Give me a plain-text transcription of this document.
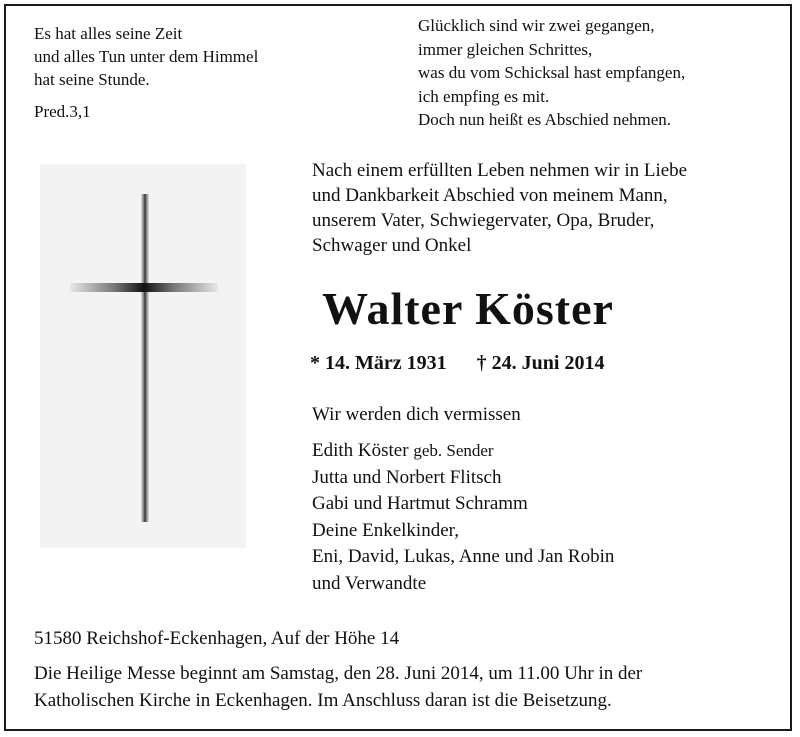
Es hat alles seine Zeit
und alles Tun unter dem Himmel
hat seine Stunde.
Pred.3,1
Glücklich sind wir zwei gegangen,
immer gleichen Schrittes,
was du vom Schicksal hast empfangen,
ich empfing es mit.
Doch nun heißt es Abschied nehmen.
Nach einem erfüllten Leben nehmen wir in Liebe
und Dankbarkeit Abschied von meinem Mann,
unserem Vater, Schwiegervater, Opa, Bruder,
Schwager und Onkel
Walter Köster
* 14. März 1931 † 24. Juni 2014
Wir werden dich vermissen
Edith Köster geb. Sender
Jutta und Norbert Flitsch
Gabi und Hartmut Schramm
Deine Enkelkinder,
Eni, David, Lukas, Anne und Jan Robin
und Verwandte
51580 Reichshof-Eckenhagen, Auf der Höhe 14
Die Heilige Messe beginnt am Samstag, den 28. Juni 2014, um 11.00 Uhr in der
Katholischen Kirche in Eckenhagen. Im Anschluss daran ist die Beisetzung.
